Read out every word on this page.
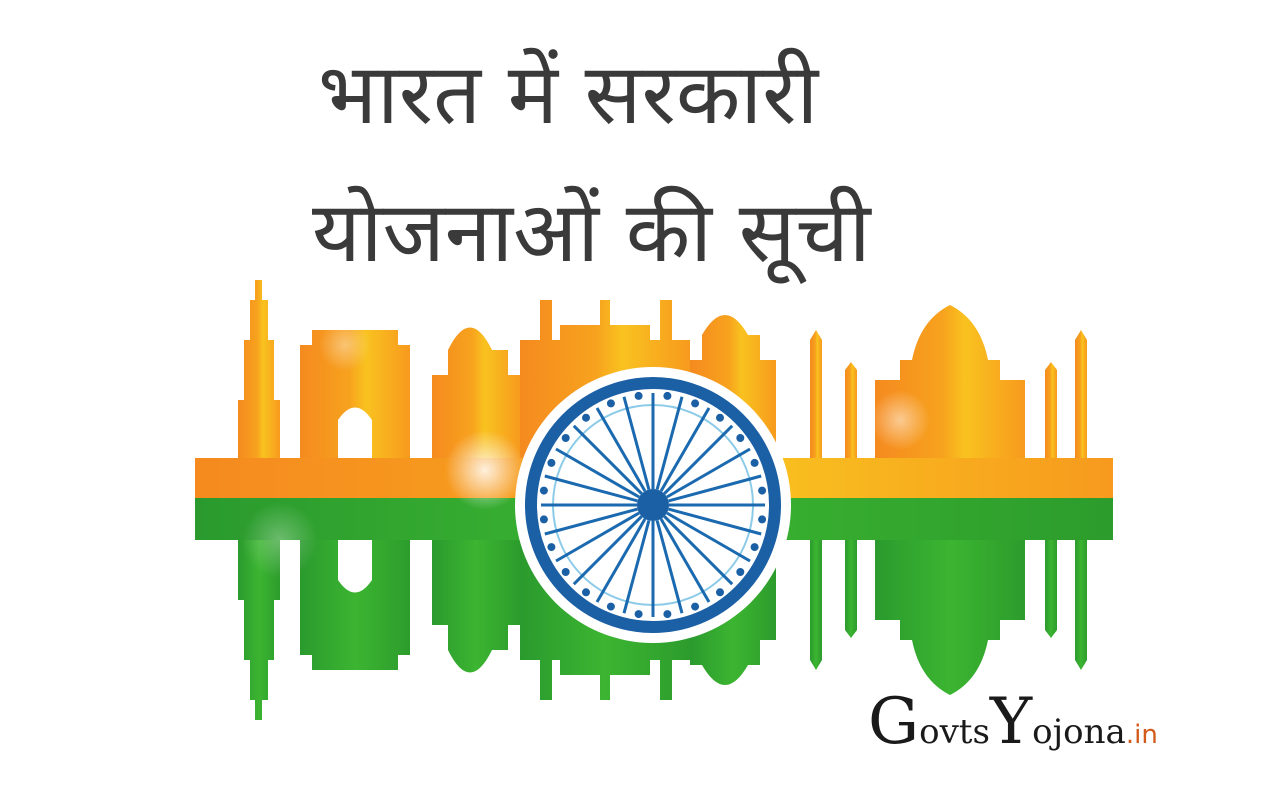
भारत में सरकारी
योजनाओं की सूची
GovtsYojona.in
